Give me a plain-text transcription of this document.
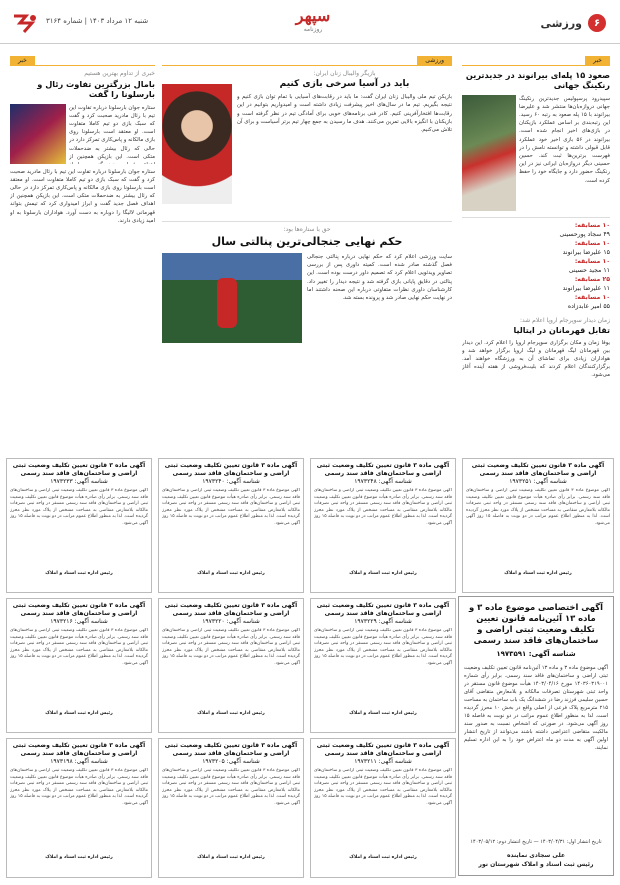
۶
ورزشی
سپهر
روزنامه
شنبه ۱۲ مرداد ۱۴۰۳ | شماره ۳۱۶۴
خبر
صعود ۱۵ پله‌ای بیرانوند در جدیدترین رنکینگ جهانی
سپیدرود پرسپولیس جدیدترین رنکینگ جهانی دروازه‌بان‌ها منتشر شد و علیرضا بیرانوند با ۱۵ پله صعود به رتبه ۶۰ رسید. این رتبه‌بندی بر اساس عملکرد بازیکنان در بازی‌های اخیر انجام شده است. بیرانوند در ۵۶ بازی اخیر خود عملکرد قابل قبولی داشته و توانسته نامش را در فهرست برترین‌ها ثبت کند. حسین حسینی دیگر دروازه‌بان ایرانی نیز در این رنکینگ حضور دارد و جایگاه خود را حفظ کرده است.
۱۰ مسابقه:
۴۹ سجاد پورحسینی
۱۰ مسابقه:
۱۵ علیرضا بیرانوند
۱۰ مسابقه:
۱۱ مجید حسینی
۲۵ مسابقه:
۱۱ علیرضا بیرانوند
۱۰ مسابقه:
۵۵ امیر عابدزاده
زمان دیدار سوپرجام اروپا اعلام شد:
تقابل قهرمانان در ایتالیا
یوفا زمان و مکان برگزاری سوپرجام اروپا را اعلام کرد. این دیدار بین قهرمانان لیگ قهرمانان و لیگ اروپا برگزار خواهد شد و هواداران زیادی برای تماشای آن به ورزشگاه خواهند آمد. برگزارکنندگان اعلام کردند که بلیت‌فروشی از هفته آینده آغاز می‌شود.
ورزشی
بازیگر والیبال زنان ایران:
باید در آسیا سرخی بازی کنیم
بازیکن تیم ملی والیبال زنان ایران گفت: ما باید در رقابت‌های آسیایی با تمام توان بازی کنیم و نتیجه بگیریم. تیم ما در سال‌های اخیر پیشرفت زیادی داشته است و امیدواریم بتوانیم در این رقابت‌ها افتخارآفرینی کنیم. کادر فنی برنامه‌های خوبی برای آمادگی تیم در نظر گرفته است و بازیکنان با انگیزه بالایی تمرین می‌کنند. هدف ما رسیدن به جمع چهار تیم برتر آسیاست و برای آن تلاش می‌کنیم.
حق با ستاره‌ها بود:
حکم نهایی جنجالی‌ترین پنالتی سال
سایت ورزشی اعلام کرد که حکم نهایی درباره پنالتی جنجالی فصل گذشته صادر شده است. کمیته داوری پس از بررسی تصاویر ویدئویی اعلام کرد که تصمیم داور درست بوده است. این پنالتی در دقایق پایانی بازی گرفته شد و نتیجه دیدار را تغییر داد. کارشناسان داوری نظرات متفاوتی درباره این صحنه داشتند اما در نهایت حکم نهایی صادر شد و پرونده بسته شد.
خبر
خبری از تداوم بهترین هستیم
بامال بزرگترین تفاوت رئال و بارسلونا را گفت
ستاره جوان بارسلونا درباره تفاوت این تیم با رئال مادرید صحبت کرد و گفت که سبک بازی دو تیم کاملا متفاوت است. او معتقد است بارسلونا روی بازی مالکانه و پاس‌کاری تمرکز دارد در حالی که رئال بیشتر به ضدحملات متکی است. این بازیکن همچنین از
ستاره جوان بارسلونا درباره تفاوت این تیم با رئال مادرید صحبت کرد و گفت که سبک بازی دو تیم کاملا متفاوت است. او معتقد است بارسلونا روی بازی مالکانه و پاس‌کاری تمرکز دارد در حالی که رئال بیشتر به ضدحملات متکی است. این بازیکن همچنین از اهداف فصل جدید گفت و ابراز امیدواری کرد که تیمش بتواند قهرمانی لالیگا را دوباره به دست آورد. هواداران بارسلونا به او امید زیادی دارند.
آگهی ماده ۳ قانون تعیین تکلیف وضعیت ثبتی اراضی و ساختمان‌های فاقد سند رسمی
شناسه آگهی: ۱۹۷۳۲۵۱
آگهی موضوع ماده ۳ قانون تعیین تکلیف وضعیت ثبتی اراضی و ساختمان‌های فاقد سند رسمی. برابر رأی صادره هیأت موضوع قانون تعیین تکلیف وضعیت ثبتی اراضی و ساختمان‌های فاقد سند رسمی مستقر در واحد ثبتی تصرفات مالکانه بلامعارض متقاضی به مساحت مشخص از پلاک مورد نظر محرز گردیده است. لذا به منظور اطلاع عموم مراتب در دو نوبت به فاصله ۱۵ روز آگهی می‌شود.
رئیس اداره ثبت اسناد و املاک
آگهی ماده ۳ قانون تعیین تکلیف وضعیت ثبتی اراضی و ساختمان‌های فاقد سند رسمی
شناسه آگهی: ۱۹۷۳۲۴۸
آگهی موضوع ماده ۳ قانون تعیین تکلیف وضعیت ثبتی اراضی و ساختمان‌های فاقد سند رسمی. برابر رأی صادره هیأت موضوع قانون تعیین تکلیف وضعیت ثبتی اراضی و ساختمان‌های فاقد سند رسمی مستقر در واحد ثبتی تصرفات مالکانه بلامعارض متقاضی به مساحت مشخص از پلاک مورد نظر محرز گردیده است. لذا به منظور اطلاع عموم مراتب در دو نوبت به فاصله ۱۵ روز آگهی می‌شود.
رئیس اداره ثبت اسناد و املاک
آگهی ماده ۳ قانون تعیین تکلیف وضعیت ثبتی اراضی و ساختمان‌های فاقد سند رسمی
شناسه آگهی: ۱۹۷۳۲۴۰
آگهی موضوع ماده ۳ قانون تعیین تکلیف وضعیت ثبتی اراضی و ساختمان‌های فاقد سند رسمی. برابر رأی صادره هیأت موضوع قانون تعیین تکلیف وضعیت ثبتی اراضی و ساختمان‌های فاقد سند رسمی مستقر در واحد ثبتی تصرفات مالکانه بلامعارض متقاضی به مساحت مشخص از پلاک مورد نظر محرز گردیده است. لذا به منظور اطلاع عموم مراتب در دو نوبت به فاصله ۱۵ روز آگهی می‌شود.
رئیس اداره ثبت اسناد و املاک
آگهی ماده ۳ قانون تعیین تکلیف وضعیت ثبتی اراضی و ساختمان‌های فاقد سند رسمی
شناسه آگهی: ۱۹۷۳۲۳۳
آگهی موضوع ماده ۳ قانون تعیین تکلیف وضعیت ثبتی اراضی و ساختمان‌های فاقد سند رسمی. برابر رأی صادره هیأت موضوع قانون تعیین تکلیف وضعیت ثبتی اراضی و ساختمان‌های فاقد سند رسمی مستقر در واحد ثبتی تصرفات مالکانه بلامعارض متقاضی به مساحت مشخص از پلاک مورد نظر محرز گردیده است. لذا به منظور اطلاع عموم مراتب در دو نوبت به فاصله ۱۵ روز آگهی می‌شود.
رئیس اداره ثبت اسناد و املاک
آگهی ماده ۳ قانون تعیین تکلیف وضعیت ثبتی اراضی و ساختمان‌های فاقد سند رسمی
شناسه آگهی: ۱۹۷۳۲۲۹
آگهی موضوع ماده ۳ قانون تعیین تکلیف وضعیت ثبتی اراضی و ساختمان‌های فاقد سند رسمی. برابر رأی صادره هیأت موضوع قانون تعیین تکلیف وضعیت ثبتی اراضی و ساختمان‌های فاقد سند رسمی مستقر در واحد ثبتی تصرفات مالکانه بلامعارض متقاضی به مساحت مشخص از پلاک مورد نظر محرز گردیده است. لذا به منظور اطلاع عموم مراتب در دو نوبت به فاصله ۱۵ روز آگهی می‌شود.
رئیس اداره ثبت اسناد و املاک
آگهی ماده ۳ قانون تعیین تکلیف وضعیت ثبتی اراضی و ساختمان‌های فاقد سند رسمی
شناسه آگهی: ۱۹۷۳۲۲۰
آگهی موضوع ماده ۳ قانون تعیین تکلیف وضعیت ثبتی اراضی و ساختمان‌های فاقد سند رسمی. برابر رأی صادره هیأت موضوع قانون تعیین تکلیف وضعیت ثبتی اراضی و ساختمان‌های فاقد سند رسمی مستقر در واحد ثبتی تصرفات مالکانه بلامعارض متقاضی به مساحت مشخص از پلاک مورد نظر محرز گردیده است. لذا به منظور اطلاع عموم مراتب در دو نوبت به فاصله ۱۵ روز آگهی می‌شود.
رئیس اداره ثبت اسناد و املاک
آگهی ماده ۳ قانون تعیین تکلیف وضعیت ثبتی اراضی و ساختمان‌های فاقد سند رسمی
شناسه آگهی: ۱۹۷۳۲۱۶
آگهی موضوع ماده ۳ قانون تعیین تکلیف وضعیت ثبتی اراضی و ساختمان‌های فاقد سند رسمی. برابر رأی صادره هیأت موضوع قانون تعیین تکلیف وضعیت ثبتی اراضی و ساختمان‌های فاقد سند رسمی مستقر در واحد ثبتی تصرفات مالکانه بلامعارض متقاضی به مساحت مشخص از پلاک مورد نظر محرز گردیده است. لذا به منظور اطلاع عموم مراتب در دو نوبت به فاصله ۱۵ روز آگهی می‌شود.
رئیس اداره ثبت اسناد و املاک
آگهی ماده ۳ قانون تعیین تکلیف وضعیت ثبتی اراضی و ساختمان‌های فاقد سند رسمی
شناسه آگهی: ۱۹۷۳۲۱۱
آگهی موضوع ماده ۳ قانون تعیین تکلیف وضعیت ثبتی اراضی و ساختمان‌های فاقد سند رسمی. برابر رأی صادره هیأت موضوع قانون تعیین تکلیف وضعیت ثبتی اراضی و ساختمان‌های فاقد سند رسمی مستقر در واحد ثبتی تصرفات مالکانه بلامعارض متقاضی به مساحت مشخص از پلاک مورد نظر محرز گردیده است. لذا به منظور اطلاع عموم مراتب در دو نوبت به فاصله ۱۵ روز آگهی می‌شود.
رئیس اداره ثبت اسناد و املاک
آگهی ماده ۳ قانون تعیین تکلیف وضعیت ثبتی اراضی و ساختمان‌های فاقد سند رسمی
شناسه آگهی: ۱۹۷۳۲۰۵
آگهی موضوع ماده ۳ قانون تعیین تکلیف وضعیت ثبتی اراضی و ساختمان‌های فاقد سند رسمی. برابر رأی صادره هیأت موضوع قانون تعیین تکلیف وضعیت ثبتی اراضی و ساختمان‌های فاقد سند رسمی مستقر در واحد ثبتی تصرفات مالکانه بلامعارض متقاضی به مساحت مشخص از پلاک مورد نظر محرز گردیده است. لذا به منظور اطلاع عموم مراتب در دو نوبت به فاصله ۱۵ روز آگهی می‌شود.
رئیس اداره ثبت اسناد و املاک
آگهی ماده ۳ قانون تعیین تکلیف وضعیت ثبتی اراضی و ساختمان‌های فاقد سند رسمی
شناسه آگهی: ۱۹۷۳۱۹۸
آگهی موضوع ماده ۳ قانون تعیین تکلیف وضعیت ثبتی اراضی و ساختمان‌های فاقد سند رسمی. برابر رأی صادره هیأت موضوع قانون تعیین تکلیف وضعیت ثبتی اراضی و ساختمان‌های فاقد سند رسمی مستقر در واحد ثبتی تصرفات مالکانه بلامعارض متقاضی به مساحت مشخص از پلاک مورد نظر محرز گردیده است. لذا به منظور اطلاع عموم مراتب در دو نوبت به فاصله ۱۵ روز آگهی می‌شود.
رئیس اداره ثبت اسناد و املاک
آگهی اختصاصی موضوع ماده ۳ و ماده ۱۳ آئین‌نامه قانون تعیین تکلیف وضعیت ثبتی اراضی و ساختمان‌های فاقد سند رسمی
شناسه آگهی: ۱۹۷۳۵۹۱
آگهی موضوع ماده ۳ و ماده ۱۳ آئین‌نامه قانون تعیین تکلیف وضعیت ثبتی اراضی و ساختمان‌های فاقد سند رسمی. برابر رأی شماره ۱۴۰۳۶۰۳۱۹۰۰۱ مورخ ۱۴۰۳/۰۴/۱۶ هیأت موضوع قانون مستقر در واحد ثبتی شهرستان تصرفات مالکانه و بلامعارض متقاضی آقای حسین سلیمی فرزند رضا در ششدانگ یک باب ساختمان به مساحت ۲۱۵ مترمربع پلاک فرعی از اصلی واقع در بخش ۱۰ محرز گردیده است. لذا به منظور اطلاع عموم مراتب در دو نوبت به فاصله ۱۵ روز آگهی می‌شود. در صورتی که اشخاص نسبت به صدور سند مالکیت متقاضی اعتراضی داشته باشند می‌توانند از تاریخ انتشار اولین آگهی به مدت دو ماه اعتراض خود را به این اداره تسلیم نمایند.
تاریخ انتشار اول: ۱۴۰۳/۰۴/۳۱ — تاریخ انتشار دوم: ۱۴۰۳/۰۵/۱۲
علی سجادی نماینده
رئیس ثبت اسناد و املاک شهرستان نور
